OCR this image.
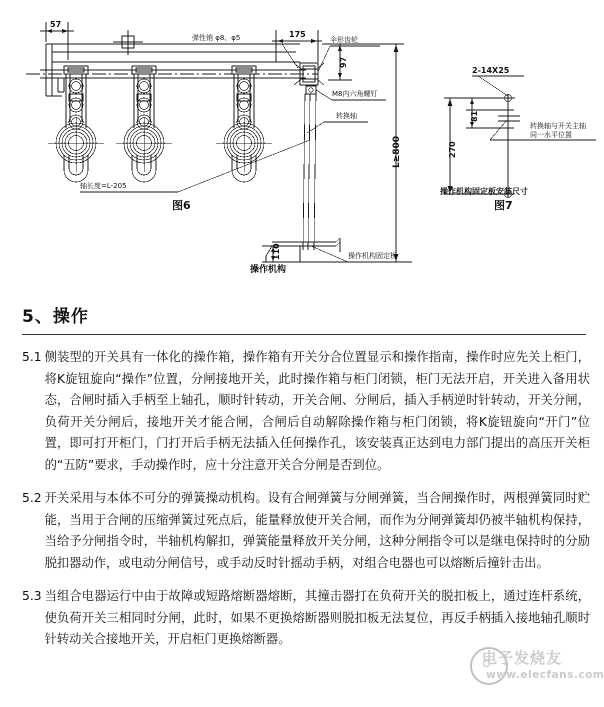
57
175
97
110
L≥800
弹性销 φ8、φ5	伞形齿轮
M8内六角螺钉
转换轴
轴长度=L-205
操作机构固定板
操作机构
图6
2-14X25
270
81
转换轴与开关主轴
同一水平位置
操作机构固定板安装尺寸
图7
5、操作
5.1 侧装型的开关具有一体化的操作箱，操作箱有开关分合位置显示和操作指南，操作时应先关上柜门，将K旋钮旋向“操作”位置，分闸接地开关，此时操作箱与柜门闭锁，柜门无法开启，开关进入备用状态，合闸时插入手柄至上轴孔，顺时针转动，开关合闸、分闸后，插入手柄逆时针转动，开关分闸，负荷开关分闸后，接地开关才能合闸，合闸后自动解除操作箱与柜门闭锁，将K旋钮旋向“开门”位置，即可打开柜门，门打开后手柄无法插入任何操作孔，该安装真正达到电力部门提出的高压开关柜的“五防”要求，手动操作时，应十分注意开关合分闸是否到位。
5.2 开关采用与本体不可分的弹簧操动机构。设有合闸弹簧与分闸弹簧，当合闸操作时，两根弹簧同时贮能，当用于合闸的压缩弹簧过死点后，能量释放使开关合闸，而作为分闸弹簧却仍被半轴机构保持，当给予分闸指令时，半轴机构解扣，弹簧能量释放开关分闸，这种分闸指令可以是继电保持时的分励脱扣器动作，或电动分闸信号，或手动反时针摇动手柄，对组合电器也可以熔断后撞针击出。
5.3 当组合电器运行中由于故障或短路熔断器熔断，其撞击器打在负荷开关的脱扣板上，通过连杆系统，使负荷开关三相同时分闸，此时，如果不更换熔断器则脱扣板无法复位，再反手柄插入接地轴孔顺时针转动关合接地开关，开启柜门更换熔断器。
电子发烧友
www.elecfans.com
